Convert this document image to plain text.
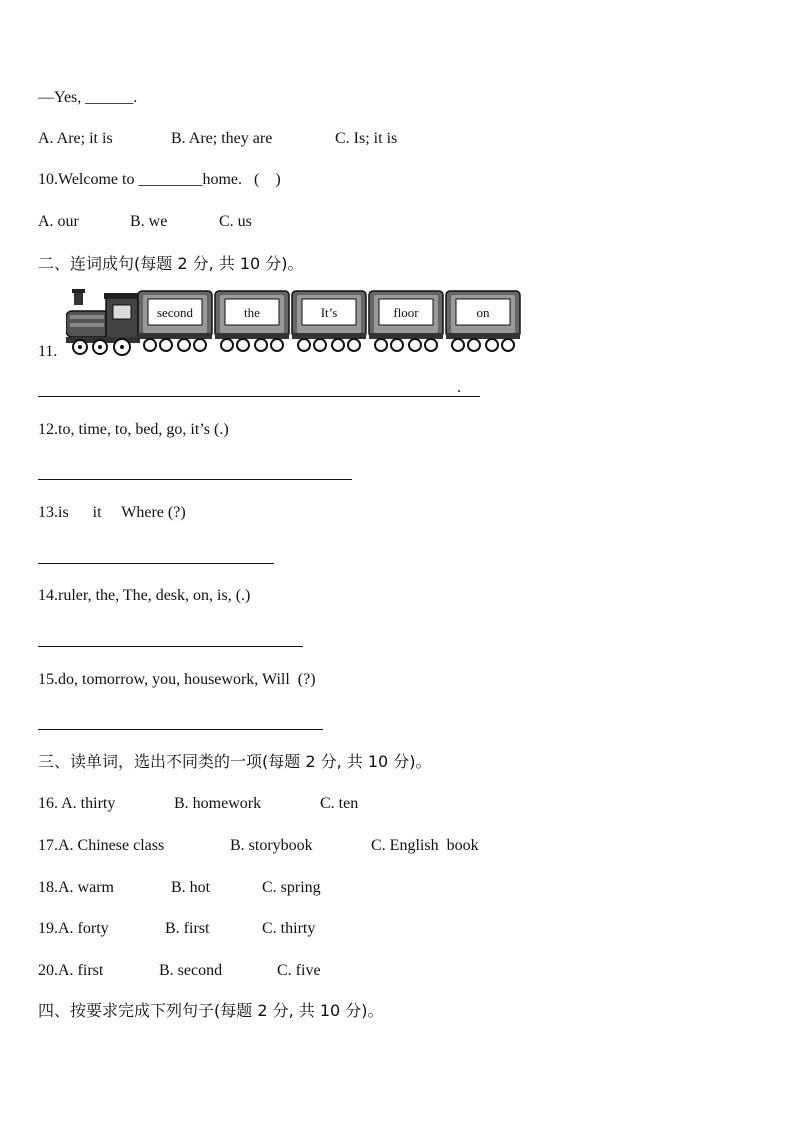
—Yes, ______.
A. Are; it is	B. Are; they are	C. Is; it is
10.Welcome to ________home.   (    )
A. our	B. we	C. us
二、连词成句(每题 2 分, 共 10 分)。
second	the	It’s	floor	on
11.
.
12.to, time, to, bed, go, it’s (.)
13.is      it     Where (?)
14.ruler, the, The, desk, on, is, (.)
15.do, tomorrow, you, housework, Will  (?)
三、读单词，选出不同类的一项(每题 2 分, 共 10 分)。
16. A. thirty	B. homework	C. ten
17.A. Chinese class	B. storybook	C. English  book
18.A. warm	B. hot	C. spring
19.A. forty	B. first	C. thirty
20.A. first	B. second	C. five
四、按要求完成下列句子(每题 2 分, 共 10 分)。
